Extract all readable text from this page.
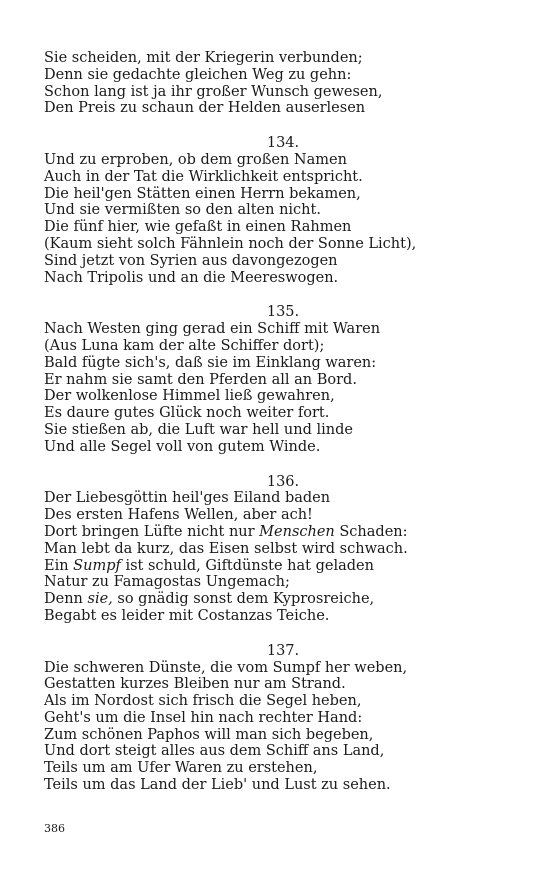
Sie scheiden, mit der Kriegerin verbunden;
Denn sie gedachte gleichen Weg zu gehn:
Schon lang ist ja ihr großer Wunsch gewesen,
Den Preis zu schaun der Helden auserlesen
134.
Und zu erproben, ob dem großen Namen
Auch in der Tat die Wirklichkeit entspricht.
Die heil'gen Stätten einen Herrn bekamen,
Und sie vermißten so den alten nicht.
Die fünf hier, wie gefaßt in einen Rahmen
(Kaum sieht solch Fähnlein noch der Sonne Licht),
Sind jetzt von Syrien aus davongezogen
Nach Tripolis und an die Meereswogen.
135.
Nach Westen ging gerad ein Schiff mit Waren
(Aus Luna kam der alte Schiffer dort);
Bald fügte sich's, daß sie im Einklang waren:
Er nahm sie samt den Pferden all an Bord.
Der wolkenlose Himmel ließ gewahren,
Es daure gutes Glück noch weiter fort.
Sie stießen ab, die Luft war hell und linde
Und alle Segel voll von gutem Winde.
136.
Der Liebesgöttin heil'ges Eiland baden
Des ersten Hafens Wellen, aber ach!
Dort bringen Lüfte nicht nur Menschen Schaden:
Man lebt da kurz, das Eisen selbst wird schwach.
Ein Sumpf ist schuld, Giftdünste hat geladen
Natur zu Famagostas Ungemach;
Denn sie, so gnädig sonst dem Kyprosreiche,
Begabt es leider mit Costanzas Teiche.
137.
Die schweren Dünste, die vom Sumpf her weben,
Gestatten kurzes Bleiben nur am Strand.
Als im Nordost sich frisch die Segel heben,
Geht's um die Insel hin nach rechter Hand:
Zum schönen Paphos will man sich begeben,
Und dort steigt alles aus dem Schiff ans Land,
Teils um am Ufer Waren zu erstehen,
Teils um das Land der Lieb' und Lust zu sehen.
386
